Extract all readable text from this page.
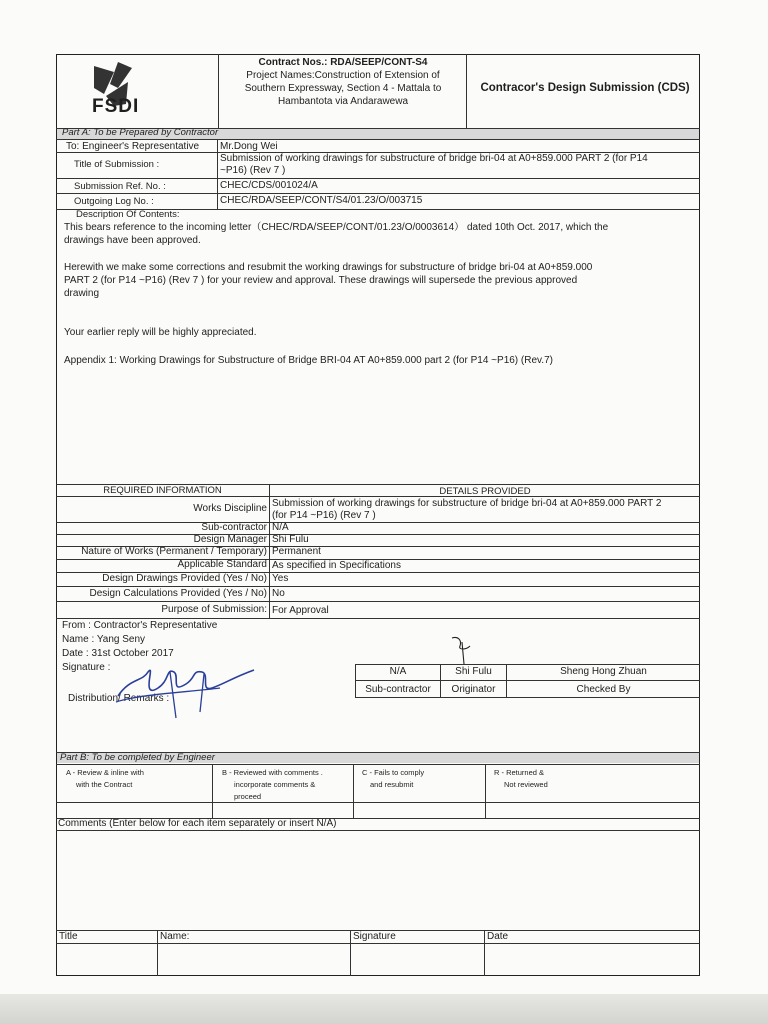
FSDI
Contract Nos.: RDA/SEEP/CONT-S4
Project Names:Construction of Extension of
Southern Expressway, Section 4 - Mattala to
Hambantota via Andarawewa
Contracor's Design Submission (CDS)
Part A: To be Prepared by Contractor
To: Engineer's Representative Mr.Dong Wei
Title of Submission :
Submission of working drawings for substructure of bridge bri-04 at A0+859.000 PART 2 (for P14
~P16) (Rev 7 )
Submission Ref. No. :	CHEC/CDS/001024/A
Outgoing Log No. :	CHEC/RDA/SEEP/CONT/S4/01.23/O/003715
Description Of Contents:
This bears reference to the incoming letter（CHEC/RDA/SEEP/CONT/01.23/O/0003614） dated 10th Oct. 2017, which the
drawings have been approved.
Herewith we make some corrections and resubmit the working drawings for substructure of bridge bri-04 at A0+859.000
PART 2 (for P14 ~P16) (Rev 7 ) for your review and approval. These drawings will supersede the previous approved
drawing
Your earlier reply will be highly appreciated.
Appendix 1: Working Drawings for Substructure of Bridge BRI-04 AT A0+859.000 part 2 (for P14 ~P16) (Rev.7)
REQUIRED INFORMATION	DETAILS PROVIDED
Works Discipline Submission of working drawings for substructure of bridge bri-04 at A0+859.000 PART 2
(for P14 ~P16) (Rev 7 )
Sub-contractor N/A
Design Manager Shi Fulu
Nature of Works (Permanent / Temporary) Permanent
Applicable Standard As specified in Specifications
Design Drawings Provided (Yes / No) Yes
Design Calculations Provided (Yes / No) No
Purpose of Submission: For Approval
From : Contractor's Representative
Name : Yang Seny
Date : 31st October 2017
Signature :
Distribution/ Remarks :
N/A	Shi Fulu	Sheng Hong Zhuan
Sub-contractor	Originator	Checked By
Part B: To be completed by Engineer
A - Review & inline with
with the Contract
B - Reviewed with comments .
incorporate comments &
proceed
C - Fails to comply
and resubmit
R - Returned &
Not reviewed
Comments (Enter below for each item separately or insert N/A)
Title	Name:	Signature	Date
